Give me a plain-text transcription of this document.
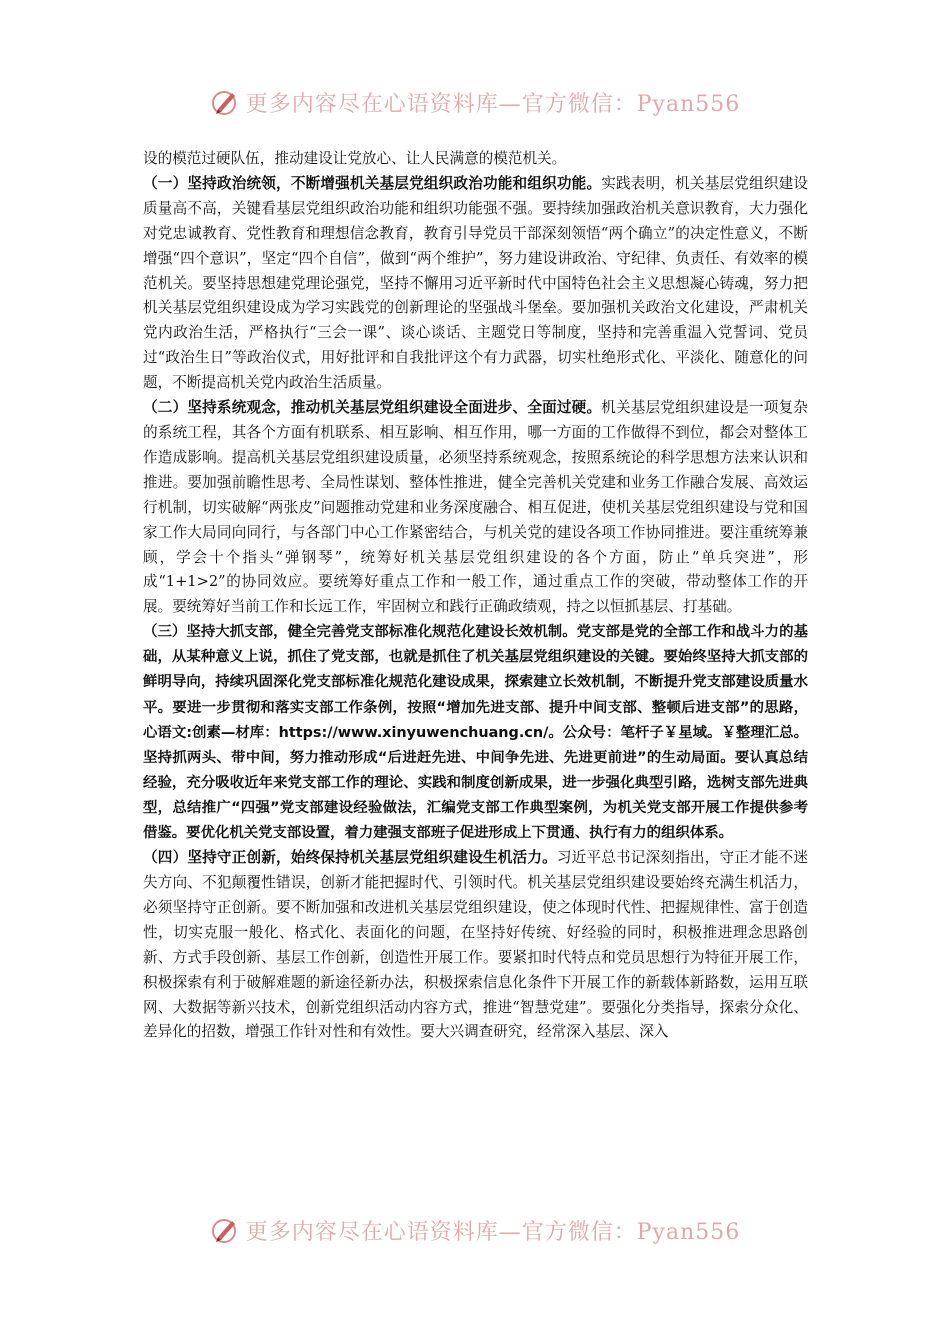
更多内容尽在心语资料库—官方微信：Pyan556

设的模范过硬队伍，推动建设让党放心、让人民满意的模范机关。

（一）坚持政治统领，不断增强机关基层党组织政治功能和组织功能。实践表明，机关基层党组织建设质量高不高，关键看基层党组织政治功能和组织功能强不强。要持续加强政治机关意识教育，大力强化对党忠诚教育、党性教育和理想信念教育，教育引导党员干部深刻领悟“两个确立”的决定性意义，不断增强“四个意识”，坚定“四个自信”，做到“两个维护”，努力建设讲政治、守纪律、负责任、有效率的模范机关。要坚持思想建党理论强党，坚持不懈用习近平新时代中国特色社会主义思想凝心铸魂，努力把机关基层党组织建设成为学习实践党的创新理论的坚强战斗堡垒。要加强机关政治文化建设，严肃机关党内政治生活，严格执行“三会一课”、谈心谈话、主题党日等制度，坚持和完善重温入党誓词、党员过“政治生日”等政治仪式，用好批评和自我批评这个有力武器，切实杜绝形式化、平淡化、随意化的问题，不断提高机关党内政治生活质量。

（二）坚持系统观念，推动机关基层党组织建设全面进步、全面过硬。机关基层党组织建设是一项复杂的系统工程，其各个方面有机联系、相互影响、相互作用，哪一方面的工作做得不到位，都会对整体工作造成影响。提高机关基层党组织建设质量，必须坚持系统观念，按照系统论的科学思想方法来认识和推进。要加强前瞻性思考、全局性谋划、整体性推进，健全完善机关党建和业务工作融合发展、高效运行机制，切实破解“两张皮”问题推动党建和业务深度融合、相互促进，使机关基层党组织建设与党和国家工作大局同向同行，与各部门中心工作紧密结合，与机关党的建设各项工作协同推进。要注重统筹兼顾，学会十个指头“弹钢琴”，统筹好机关基层党组织建设的各个方面，防止“单兵突进”，形成“1+1>2”的协同效应。要统筹好重点工作和一般工作，通过重点工作的突破，带动整体工作的开展。要统筹好当前工作和长远工作，牢固树立和践行正确政绩观，持之以恒抓基层、打基础。

（三）坚持大抓支部，健全完善党支部标准化规范化建设长效机制。党支部是党的全部工作和战斗力的基础，从某种意义上说，抓住了党支部，也就是抓住了机关基层党组织建设的关键。要始终坚持大抓支部的鲜明导向，持续巩固深化党支部标准化规范化建设成果，探索建立长效机制，不断提升党支部建设质量水平。要进一步贯彻和落实支部工作条例，按照“增加先进支部、提升中间支部、整顿后进支部”的思路，心语文:创素—材库：https://www.xinyuwenchuang.cn/。公众号：笔杆子￥星域。￥整理汇总。坚持抓两头、带中间，努力推动形成“后进赶先进、中间争先进、先进更前进”的生动局面。要认真总结经验，充分吸收近年来党支部工作的理论、实践和制度创新成果，进一步强化典型引路，选树支部先进典型，总结推广“四强”党支部建设经验做法，汇编党支部工作典型案例，为机关党支部开展工作提供参考借鉴。要优化机关党支部设置，着力建强支部班子促进形成上下贯通、执行有力的组织体系。

（四）坚持守正创新，始终保持机关基层党组织建设生机活力。习近平总书记深刻指出，守正才能不迷失方向、不犯颠覆性错误，创新才能把握时代、引领时代。机关基层党组织建设要始终充满生机活力，必须坚持守正创新。要不断加强和改进机关基层党组织建设，使之体现时代性、把握规律性、富于创造性，切实克服一般化、格式化、表面化的问题，在坚持好传统、好经验的同时，积极推进理念思路创新、方式手段创新、基层工作创新，创造性开展工作。要紧扣时代特点和党员思想行为特征开展工作，积极探索有利于破解难题的新途径新办法，积极探索信息化条件下开展工作的新载体新路数，运用互联网、大数据等新兴技术，创新党组织活动内容方式，推进“智慧党建”。要强化分类指导，探索分众化、差异化的招数，增强工作针对性和有效性。要大兴调查研究，经常深入基层、深入

更多内容尽在心语资料库—官方微信：Pyan556
